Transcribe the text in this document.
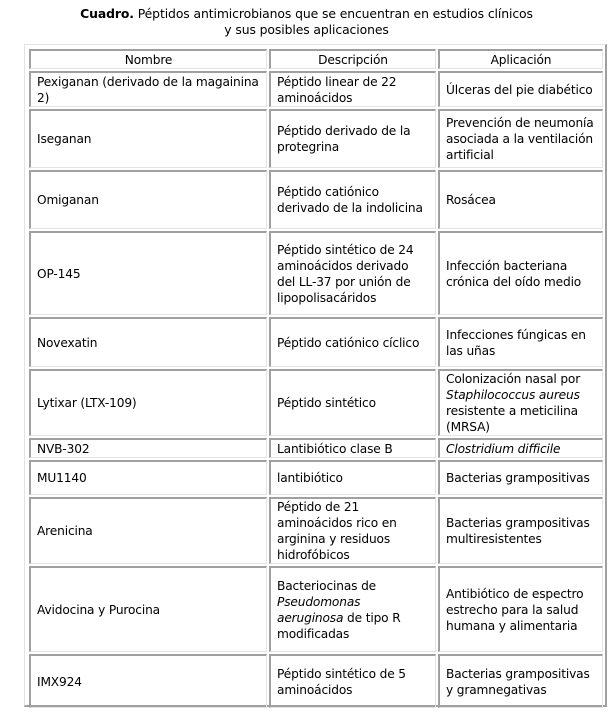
Cuadro. Péptidos antimicrobianos que se encuentran en estudios clínicos
y sus posibles aplicaciones
Nombre	Descripción	Aplicación
Pexiganan (derivado de la magainina 2)	Péptido linear de 22 aminoácidos	Úlceras del pie diabético
Iseganan	Péptido derivado de la protegrina	Prevención de neumonía asociada a la ventilación artificial
Omiganan	Péptido catiónico derivado de la indolicina	Rosácea
OP-145	Péptido sintético de 24 aminoácidos derivado del LL-37 por unión de lipopolisacáridos	Infección bacteriana crónica del oído medio
Novexatin	Péptido catiónico cíclico	Infecciones fúngicas en las uñas
Lytixar (LTX-109)	Péptido sintético	Colonización nasal por Staphilococcus aureus resistente a meticilina (MRSA)
NVB-302	Lantibiótico clase B	Clostridium difficile
MU1140	lantibiótico	Bacterias grampositivas
Arenicina	Péptido de 21 aminoácidos rico en arginina y residuos hidrofóbicos	Bacterias grampositivas multiresistentes
Avidocina y Purocina	Bacteriocinas de Pseudomonas aeruginosa de tipo R modificadas	Antibiótico de espectro estrecho para la salud humana y alimentaria
IMX924	Péptido sintético de 5 aminoácidos	Bacterias grampositivas y gramnegativas
